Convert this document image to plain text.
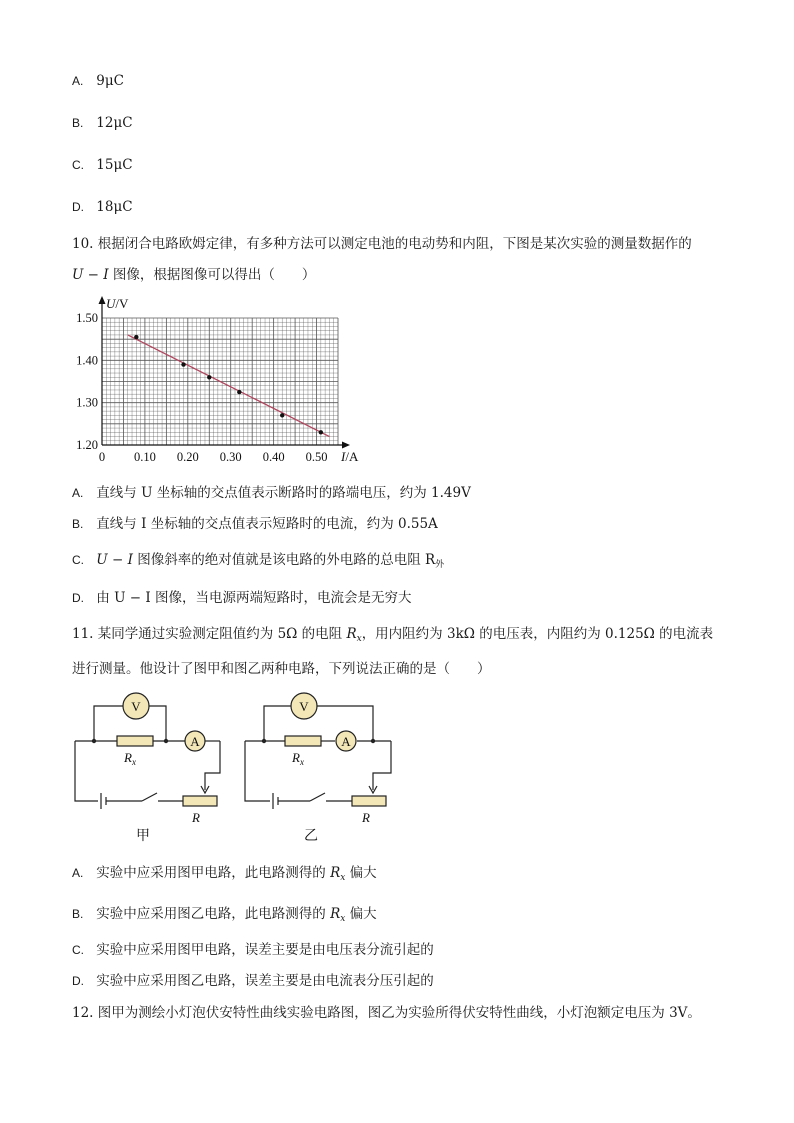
A. 9μC
B. 12μC
C. 15μC
D. 18μC
10. 根据闭合电路欧姆定律，有多种方法可以测定电池的电动势和内阻，下图是某次实验的测量数据作的
U − I 图像，根据图像可以得出（　　）
1.20
1.30
1.40
1.50
0 0.10 0.20 0.30 0.40 0.50
U/V
I/A
A. 直线与 U 坐标轴的交点值表示断路时的路端电压，约为 1.49V
B. 直线与 I 坐标轴的交点值表示短路时的电流，约为 0.55A
C. U − I 图像斜率的绝对值就是该电路的外电路的总电阻 $R_外$
D. 由 U − I 图像，当电源两端短路时，电流会是无穷大
11. 某同学通过实验测定阻值约为 5Ω 的电阻 $R_x$，用内阻约为 3kΩ 的电压表，内阻约为 0.125Ω 的电流表
进行测量。他设计了图甲和图乙两种电路，下列说法正确的是（　　）
V
A
V
A
$R_x$
R
$R_x$
R
甲	乙
A. 实验中应采用图甲电路，此电路测得的 $R_x$ 偏大
B. 实验中应采用图乙电路，此电路测得的 $R_x$ 偏大
C. 实验中应采用图甲电路，误差主要是由电压表分流引起的
D. 实验中应采用图乙电路，误差主要是由电流表分压引起的
12. 图甲为测绘小灯泡伏安特性曲线实验电路图，图乙为实验所得伏安特性曲线，小灯泡额定电压为 3V。
